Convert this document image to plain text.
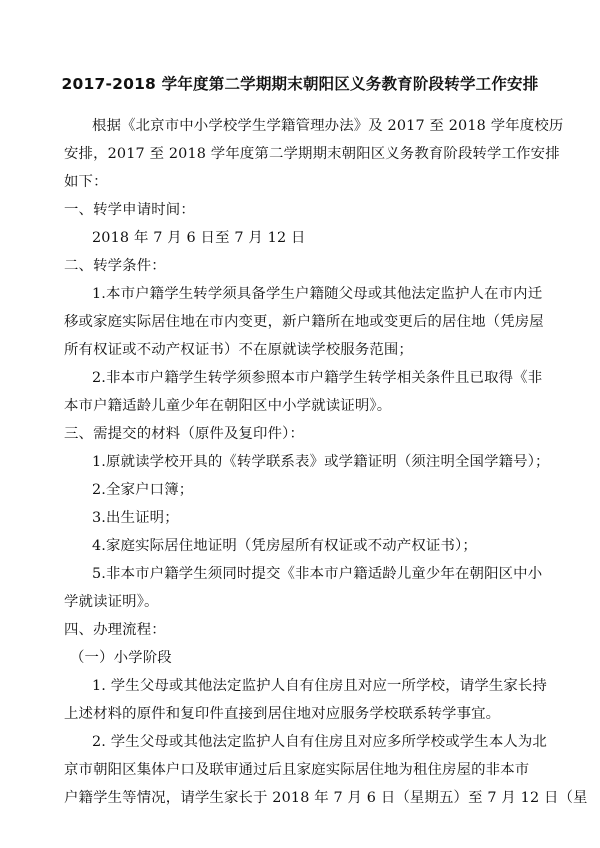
2017-2018 学年度第二学期期末朝阳区义务教育阶段转学工作安排
根据《北京市中小学校学生学籍管理办法》及 2017 至 2018 学年度校历
安排，2017 至 2018 学年度第二学期期末朝阳区义务教育阶段转学工作安排
如下：
一、转学申请时间：
2018 年 7 月 6 日至 7 月 12 日
二、转学条件：
1.本市户籍学生转学须具备学生户籍随父母或其他法定监护人在市内迁
移或家庭实际居住地在市内变更，新户籍所在地或变更后的居住地（凭房屋
所有权证或不动产权证书）不在原就读学校服务范围；
2.非本市户籍学生转学须参照本市户籍学生转学相关条件且已取得《非
本市户籍适龄儿童少年在朝阳区中小学就读证明》。
三、需提交的材料（原件及复印件）：
1.原就读学校开具的《转学联系表》或学籍证明（须注明全国学籍号）；
2.全家户口簿；
3.出生证明；
4.家庭实际居住地证明（凭房屋所有权证或不动产权证书）；
5.非本市户籍学生须同时提交《非本市户籍适龄儿童少年在朝阳区中小
学就读证明》。
四、办理流程：
（一）小学阶段
1. 学生父母或其他法定监护人自有住房且对应一所学校，请学生家长持
上述材料的原件和复印件直接到居住地对应服务学校联系转学事宜。
2. 学生父母或其他法定监护人自有住房且对应多所学校或学生本人为北
京市朝阳区集体户口及联审通过后且家庭实际居住地为租住房屋的非本市
户籍学生等情况，请学生家长于 2018 年 7 月 6 日（星期五）至 7 月 12 日（星
